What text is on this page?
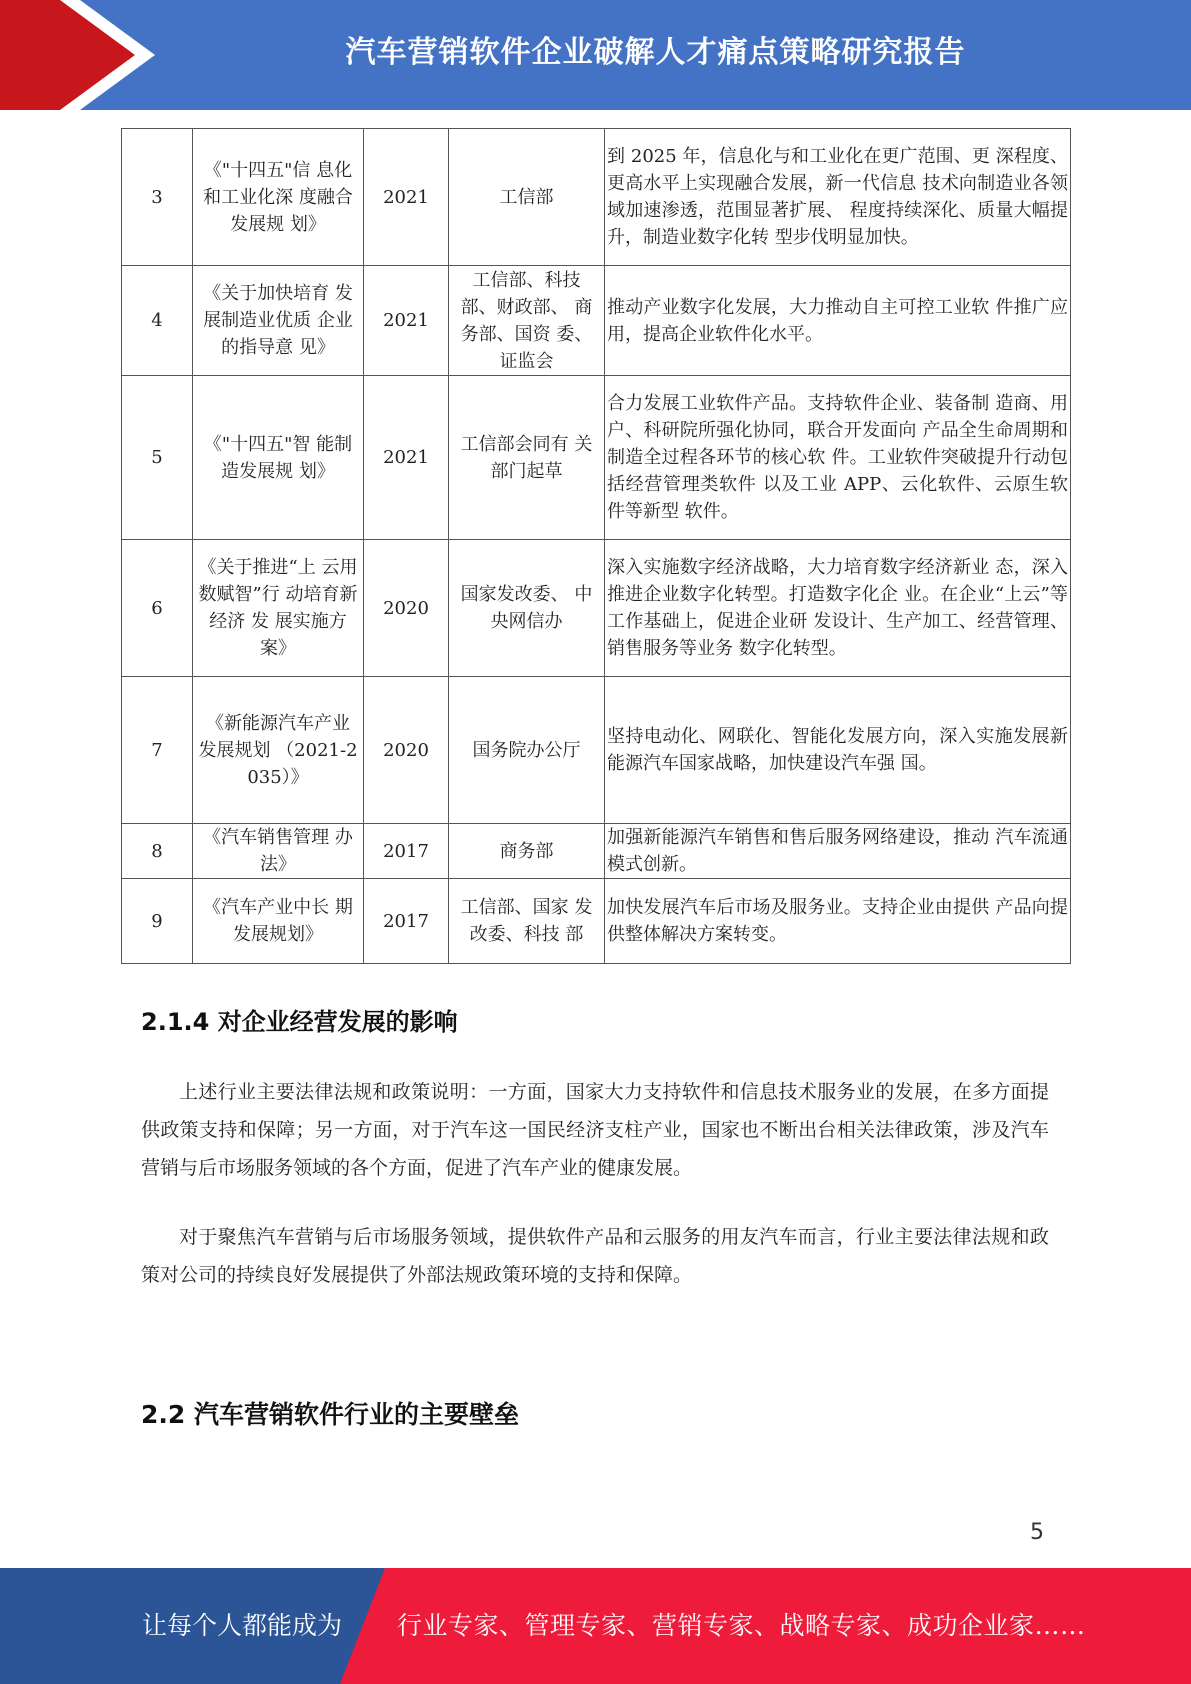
汽车营销软件企业破解人才痛点策略研究报告
3	《"十四五"信 息化和工业化深 度融合发展规 划》	2021	工信部	到 2025 年，信息化与和工业化在更广范围、更 深程度、更高水平上实现融合发展，新一代信息 技术向制造业各领域加速渗透，范围显著扩展、 程度持续深化、质量大幅提升，制造业数字化转 型步伐明显加快。
4	《关于加快培育 发展制造业优质 企业的指导意 见》	2021	工信部、科技 部、财政部、 商务部、国资 委、证监会	推动产业数字化发展，大力推动自主可控工业软 件推广应用，提高企业软件化水平。
5	《"十四五"智 能制造发展规 划》	2021	工信部会同有 关部门起草	合力发展工业软件产品。支持软件企业、装备制 造商、用户、科研院所强化协同，联合开发面向 产品全生命周期和制造全过程各环节的核心软 件。工业软件突破提升行动包括经营管理类软件 以及工业 APP、云化软件、云原生软件等新型 软件。
6	《关于推进“上 云用数赋智”行 动培育新经济 发 展实施方案》	2020	国家发改委、 中央网信办	深入实施数字经济战略，大力培育数字经济新业 态，深入推进企业数字化转型。打造数字化企 业。在企业“上云”等工作基础上，促进企业研 发设计、生产加工、经营管理、销售服务等业务 数字化转型。
7	《新能源汽车产业 发展规划 （2021-2035）》	2020	国务院办公厅	坚持电动化、网联化、智能化发展方向，深入实施发展新能源汽车国家战略，加快建设汽车强 国。
8	《汽车销售管理 办法》	2017	商务部	加强新能源汽车销售和售后服务网络建设，推动 汽车流通模式创新。
9	《汽车产业中长 期发展规划》	2017	工信部、国家 发改委、科技 部	加快发展汽车后市场及服务业。支持企业由提供 产品向提供整体解决方案转变。
2.1.4 对企业经营发展的影响

上述行业主要法律法规和政策说明：一方面，国家大力支持软件和信息技术服务业的发展，在多方面提供政策支持和保障；另一方面，对于汽车这一国民经济支柱产业，国家也不断出台相关法律政策，涉及汽车营销与后市场服务领域的各个方面，促进了汽车产业的健康发展。

对于聚焦汽车营销与后市场服务领域，提供软件产品和云服务的用友汽车而言，行业主要法律法规和政策对公司的持续良好发展提供了外部法规政策环境的支持和保障。

2.2 汽车营销软件行业的主要壁垒
5
让每个人都能成为 行业专家、管理专家、营销专家、战略专家、成功企业家……
